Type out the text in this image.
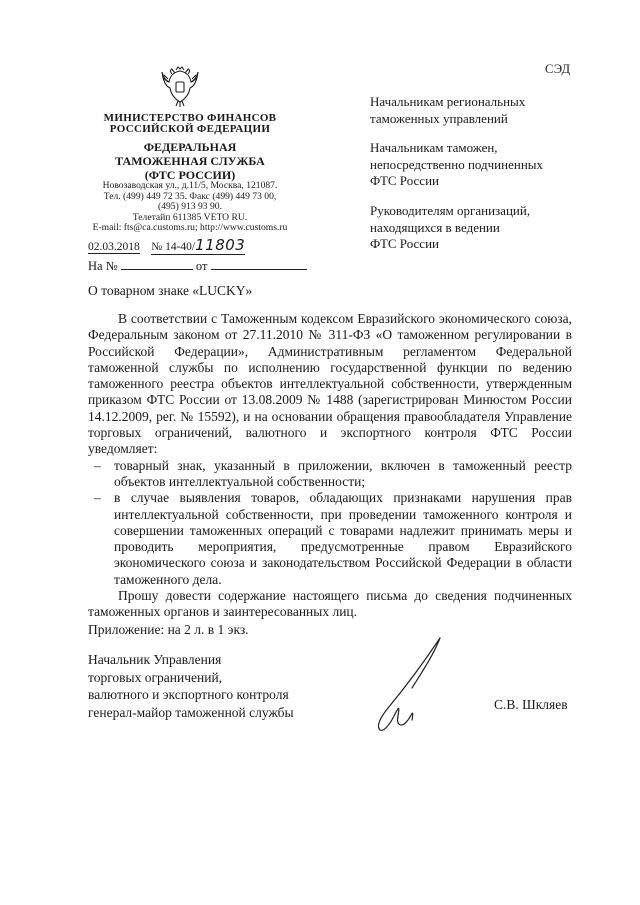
СЭД
МИНИСТЕРСТВО ФИНАНСОВ
РОССИЙСКОЙ ФЕДЕРАЦИИ
ФЕДЕРАЛЬНАЯ
ТАМОЖЕННАЯ СЛУЖБА
(ФТС РОССИИ)
Новозаводская ул., д.11/5, Москва, 121087.
Тел. (499) 449 72 35. Факс (499) 449 73 00,
(495) 913 93 90.
Телетайп 611385 VETO RU.
E-mail: fts@ca.customs.ru; http://www.customs.ru
02.03.2018 № 14-40/11803
На №	от
Начальникам региональных
таможенных управлений
Начальникам таможен,
непосредственно подчиненных
ФТС России
Руководителям организаций,
находящихся в ведении
ФТС России
О товарном знаке «LUCKY»

В соответствии с Таможенным кодексом Евразийского экономического союза, Федеральным законом от 27.11.2010 № 311-ФЗ «О таможенном регулировании в Российской Федерации», Административным регламентом Федеральной таможенной службы по исполнению государственной функции по ведению таможенного реестра объектов интеллектуальной собственности, утвержденным приказом ФТС России от 13.08.2009 № 1488 (зарегистрирован Минюстом России 14.12.2009, рег. № 15592), и на основании обращения правообладателя Управление торговых ограничений, валютного и экспортного контроля ФТС России уведомляет:

– товарный знак, указанный в приложении, включен в таможенный реестр объектов интеллектуальной собственности;
– в случае выявления товаров, обладающих признаками нарушения прав интеллектуальной собственности, при проведении таможенного контроля и совершении таможенных операций с товарами надлежит принимать меры и проводить мероприятия, предусмотренные правом Евразийского экономического союза и законодательством Российской Федерации в области таможенного дела.

Прошу довести содержание настоящего письма до сведения подчиненных таможенных органов и заинтересованных лиц.

Приложение: на 2 л. в 1 экз.
Начальник Управления
торговых ограничений,
валютного и экспортного контроля
генерал-майор таможенной службы	С.В. Шкляев
